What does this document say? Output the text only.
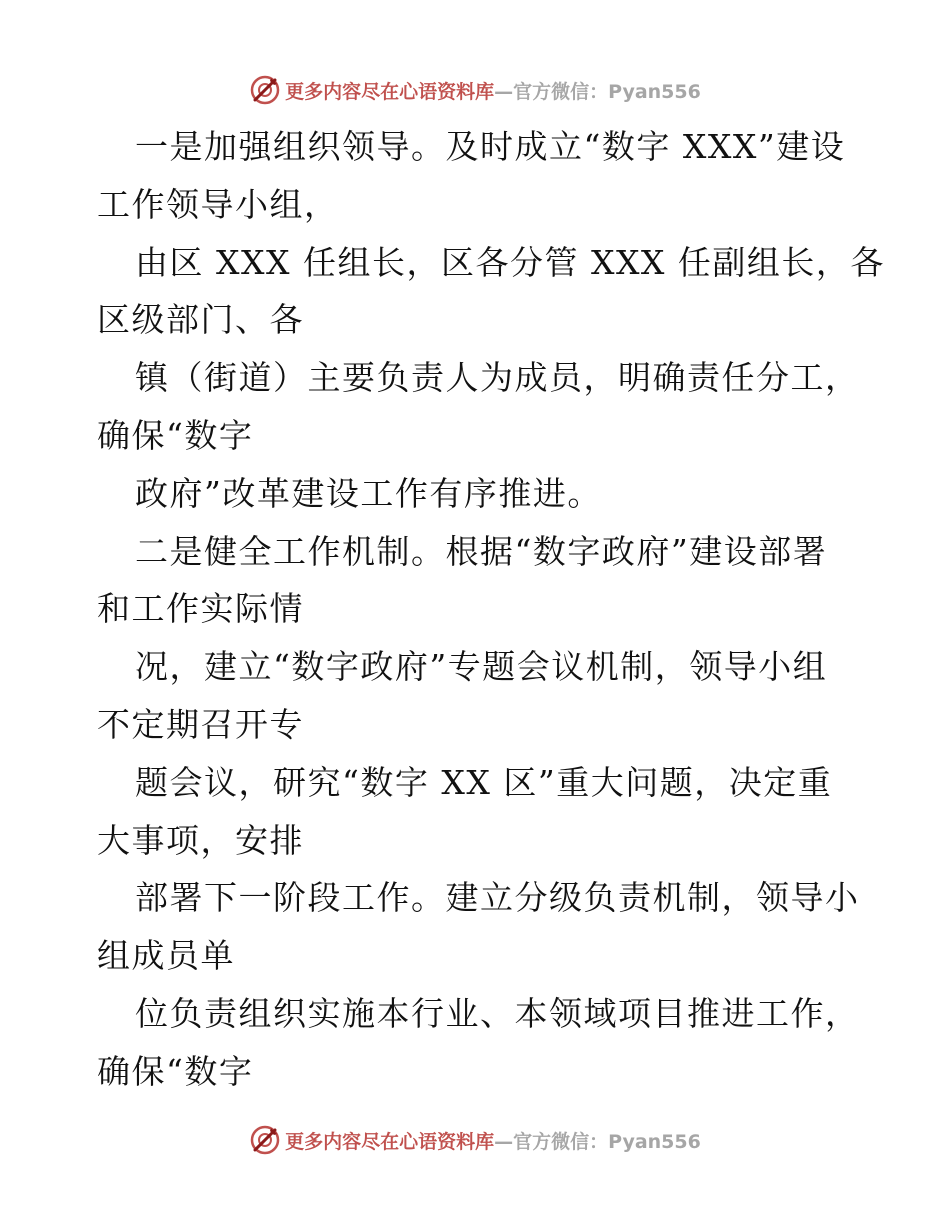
更多内容尽在心语资料库—官方微信：Pyan556
一是加强组织领导。及时成立“数字 XXX”建设
工作领导小组，
由区 XXX 任组长，区各分管 XXX 任副组长，各
区级部门、各
镇（街道）主要负责人为成员，明确责任分工，
确保“数字
政府”改革建设工作有序推进。
二是健全工作机制。根据“数字政府”建设部署
和工作实际情
况，建立“数字政府”专题会议机制，领导小组
不定期召开专
题会议，研究“数字 XX 区”重大问题，决定重
大事项，安排
部署下一阶段工作。建立分级负责机制，领导小
组成员单
位负责组织实施本行业、本领域项目推进工作，
确保“数字
更多内容尽在心语资料库—官方微信：Pyan556
